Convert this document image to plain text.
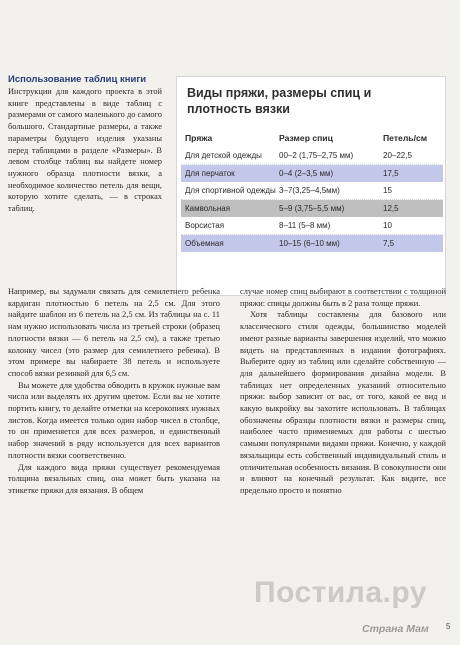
Использование таблиц книги

Инструкции для каждого проекта в этой книге представлены в виде таблиц с размерами от самого маленького до самого большого. Стандартные размеры, а также параметры будущего изделия указаны перед таблицами в разделе «Размеры». В левом столбце таблиц вы найдете номер нужного образца плотности вязки, а необходимое количество петель для вещи, которую хотите сделать, — в строках таблиц.

Виды пряжи, размеры спиц и плотность вязки
Пряжа	Размер спиц	Петель/см
Для детской одежды	00–2 (1,75–2,75 мм)	20–22,5
Для перчаток	0–4 (2–3,5 мм)	17,5
Для спортивной одежды 3–7(3,25–4,5мм)	15
Камвольная	5–9 (3,75–5,5 мм)	12,5
Ворсистая	8–11 (5–8 мм)	10
Объемная	10–15 (6–10 мм)	7,5

Например, вы задумали связать для семилетнего ребенка кардиган плотностью 6 петель на 2,5 см. Для этого найдите шаблон из 6 петель на 2,5 см. Из таблицы на с. 11 нам нужно использовать числа из третьей строки (образец плотности вязки — 6 петель на 2,5 см), а также третью колонку чисел (это размер для семилетнего ребенка). В этом примере вы набираете 38 петель и используете способ вязки резинкой для 6,5 см.

Вы можете для удобства обводить в кружок нужные вам числа или выделять их другим цветом. Если вы не хотите портить книгу, то делайте отметки на ксерокопиях нужных листов. Когда имеется только один набор чисел в столбце, то он применяется для всех размеров, и единственный набор значений в ряду используется для всех вариантов плотности вязки соответственно.

Для каждого вида пряжи существует рекомендуемая толщина вязальных спиц, она может быть указана на этикетке пряжи для вязания. В общем

случае номер спиц выбирают в соответствии с толщиной пряжи: спицы должны быть в 2 раза толще пряжи.

Хотя таблицы составлены для базового или классического стиля одежды, большинство моделей имеют разные варианты завершения изделий, что можно видеть на представленных в издании фотографиях. Выберите одну из таблиц или сделайте собственную — для дальнейшего формирования дизайна модели. В таблицах нет определенных указаний относительно пряжи: выбор зависит от вас, от того, какой ее вид и какую выкройку вы захотите использовать. В таблицах обозначены образцы плотности вязки и размеры спиц, наиболее часто применяемых для работы с шестью самыми популярными видами пряжи. Конечно, у каждой вязальщицы есть собственный индивидуальный стиль и отличительная особенность вязания. В совокупности они и влияют на конечный результат. Как видите, все предельно просто и понятно

Постила.ру

Страна Мам 5
